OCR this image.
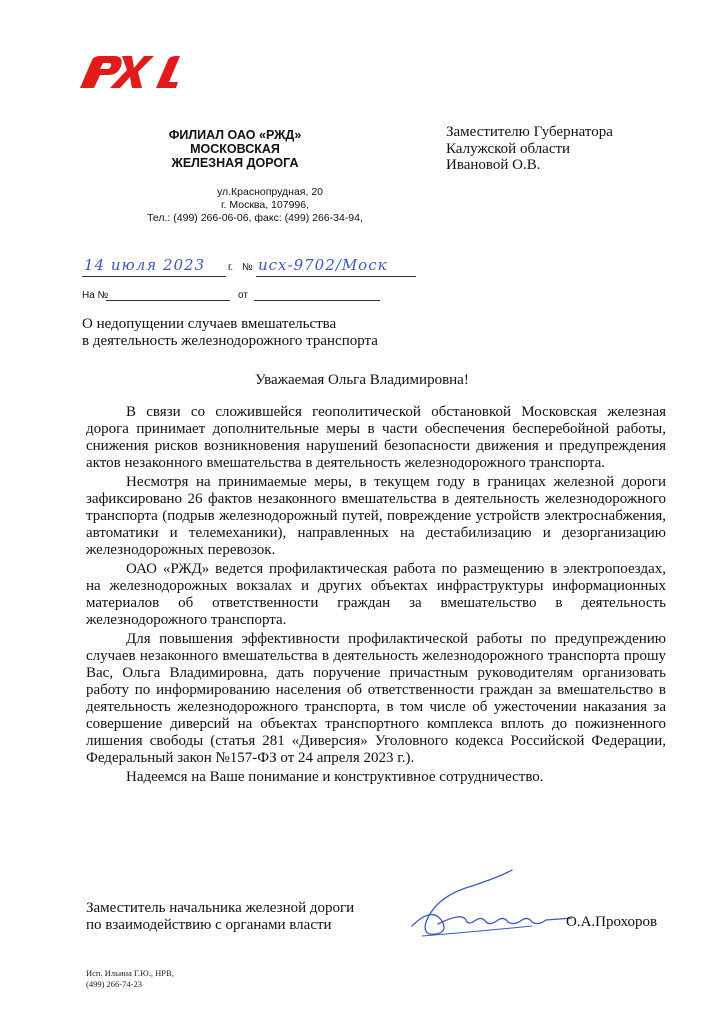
ФИЛИАЛ ОАО «РЖД»
МОСКОВСКАЯ
ЖЕЛЕЗНАЯ ДОРОГА
ул.Краснопрудная, 20
г. Москва, 107996,
Тел.: (499) 266-06-06, факс: (499) 266-34-94,
Заместителю Губернатора
Калужской области
Ивановой О.В.
14 июля 2023 г. № исх-9702/Моск
На №	от
О недопущении случаев вмешательства
в деятельность железнодорожного транспорта
Уважаемая Ольга Владимировна!

В связи со сложившейся геополитической обстановкой Московская железная дорога принимает дополнительные меры в части обеспечения бесперебойной работы, снижения рисков возникновения нарушений безопасности движения и предупреждения актов незаконного вмешательства в деятельность железнодорожного транспорта.

Несмотря на принимаемые меры, в текущем году в границах железной дороги зафиксировано 26 фактов незаконного вмешательства в деятельность железнодорожного транспорта (подрыв железнодорожный путей, повреждение устройств электроснабжения, автоматики и телемеханики), направленных на дестабилизацию и дезорганизацию железнодорожных перевозок.

ОАО «РЖД» ведется профилактическая работа по размещению в электропоездах, на железнодорожных вокзалах и других объектах инфраструктуры информационных материалов об ответственности граждан за вмешательство в деятельность железнодорожного транспорта.

Для повышения эффективности профилактической работы по предупреждению случаев незаконного вмешательства в деятельность железнодорожного транспорта прошу Вас, Ольга Владимировна, дать поручение причастным руководителям организовать работу по информированию населения об ответственности граждан за вмешательство в деятельность железнодорожного транспорта, в том числе об ужесточении наказания за совершение диверсий на объектах транспортного комплекса вплоть до пожизненного лишения свободы (статья 281 «Диверсия» Уголовного кодекса Российской Федерации, Федеральный закон №157-ФЗ от 24 апреля 2023 г.).

Надеемся на Ваше понимание и конструктивное сотрудничество.

Заместитель начальника железной дороги
по взаимодействию с органами власти	О.А.Прохоров
Исп. Ильина Г.Ю., НРВ,
(499) 266-74-23
